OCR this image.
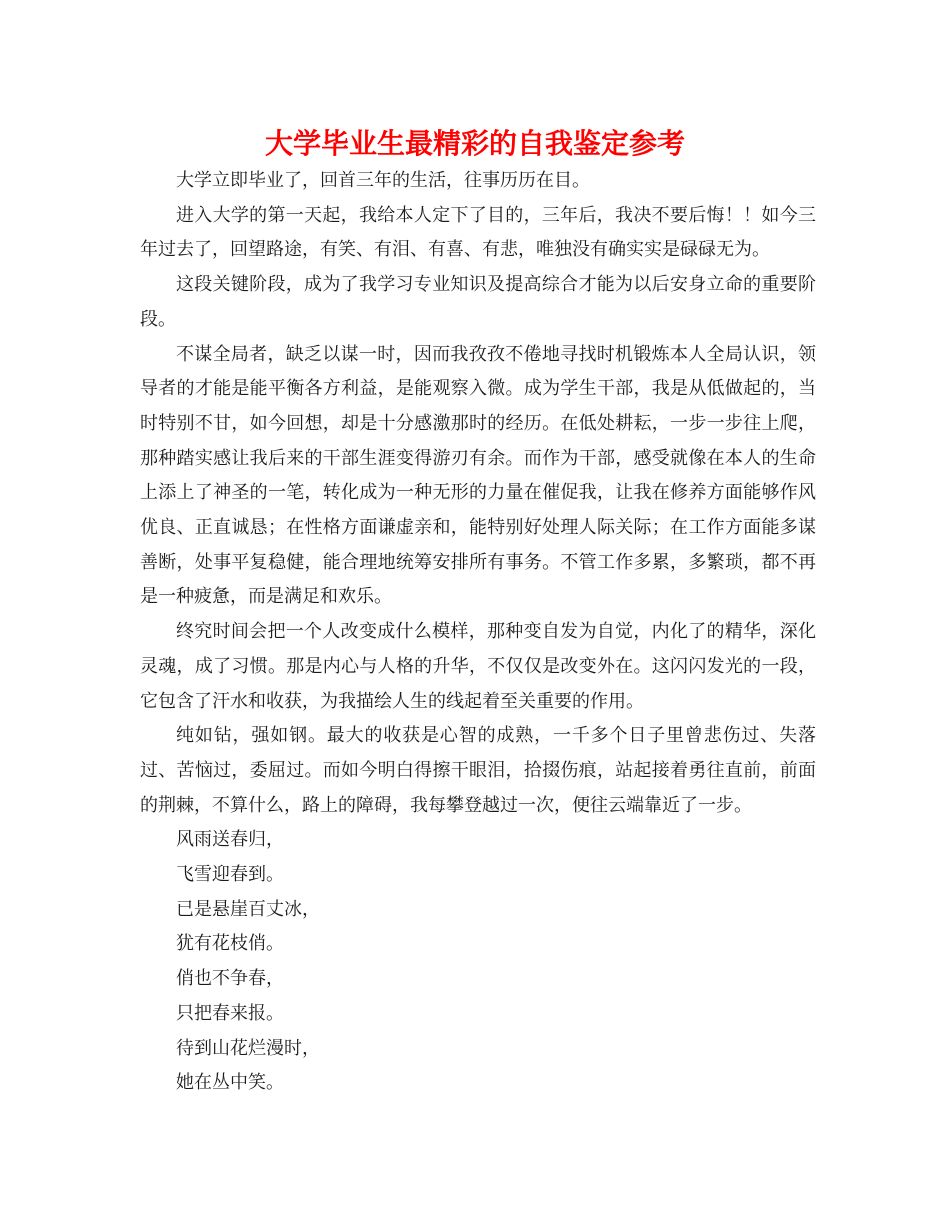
大学毕业生最精彩的自我鉴定参考

大学立即毕业了，回首三年的生活，往事历历在目。

进入大学的第一天起，我给本人定下了目的，三年后，我决不要后悔！！如今三年过去了，回望路途，有笑、有泪、有喜、有悲，唯独没有确实实是碌碌无为。

这段关键阶段，成为了我学习专业知识及提高综合才能为以后安身立命的重要阶段。

不谋全局者，缺乏以谋一时，因而我孜孜不倦地寻找时机锻炼本人全局认识，领导者的才能是能平衡各方利益，是能观察入微。成为学生干部，我是从低做起的，当时特别不甘，如今回想，却是十分感激那时的经历。在低处耕耘，一步一步往上爬，那种踏实感让我后来的干部生涯变得游刃有余。而作为干部，感受就像在本人的生命上添上了神圣的一笔，转化成为一种无形的力量在催促我，让我在修养方面能够作风优良、正直诚恳；在性格方面谦虚亲和，能特别好处理人际关际；在工作方面能多谋善断，处事平复稳健，能合理地统筹安排所有事务。不管工作多累，多繁琐，都不再是一种疲惫，而是满足和欢乐。

终究时间会把一个人改变成什么模样，那种变自发为自觉，内化了的精华，深化灵魂，成了习惯。那是内心与人格的升华，不仅仅是改变外在。这闪闪发光的一段，它包含了汗水和收获，为我描绘人生的线起着至关重要的作用。

纯如钻，强如钢。最大的收获是心智的成熟，一千多个日子里曾悲伤过、失落过、苦恼过，委屈过。而如今明白得擦干眼泪，拾掇伤痕，站起接着勇往直前，前面的荆棘，不算什么，路上的障碍，我每攀登越过一次，便往云端靠近了一步。

风雨送春归，

飞雪迎春到。

已是悬崖百丈冰，

犹有花枝俏。

俏也不争春，

只把春来报。

待到山花烂漫时，

她在丛中笑。
